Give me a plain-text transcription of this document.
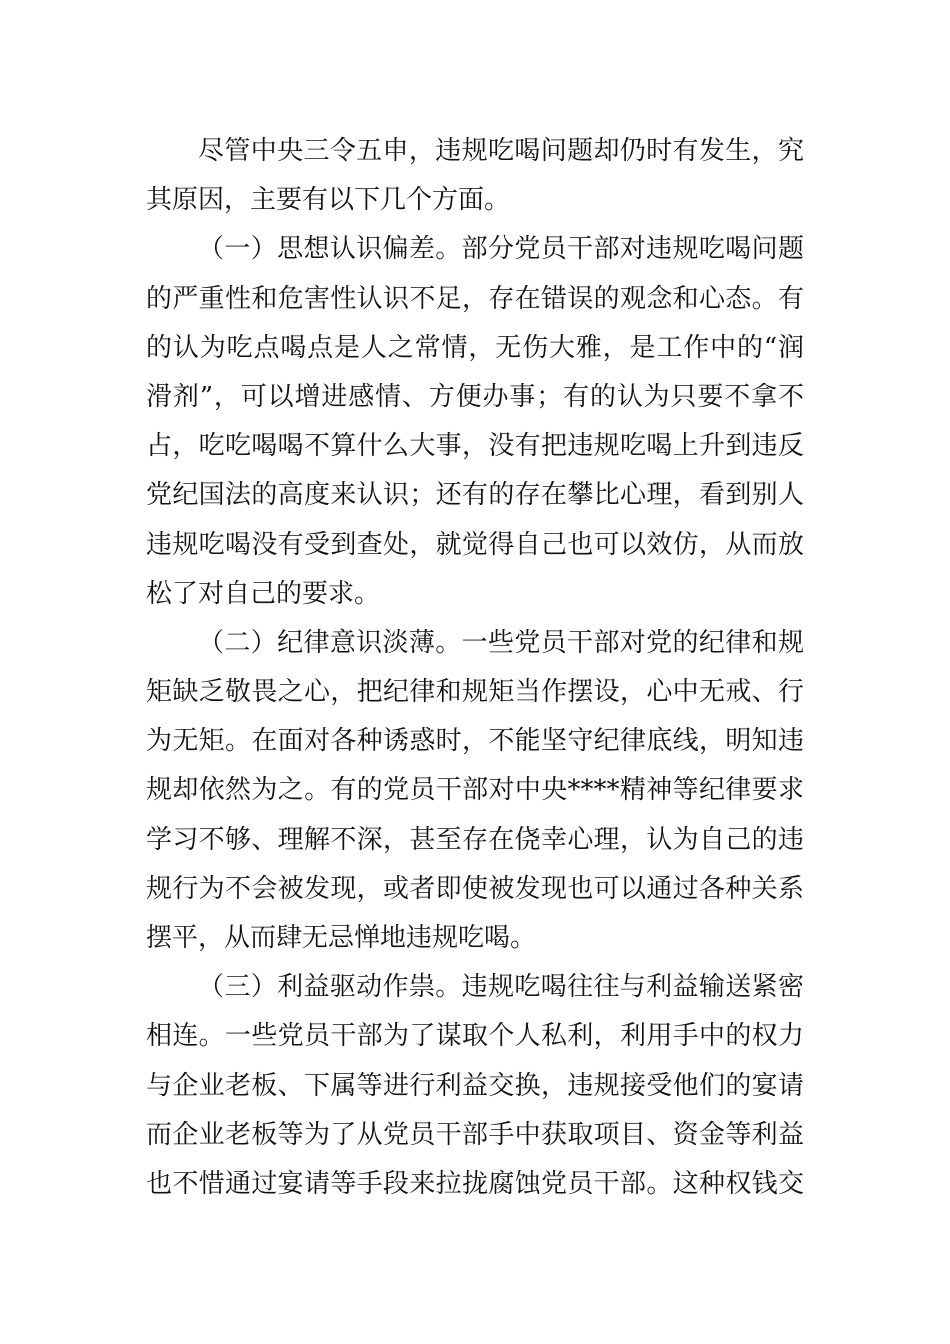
尽管中央三令五申，违规吃喝问题却仍时有发生，究
其原因，主要有以下几个方面。
（一）思想认识偏差。部分党员干部对违规吃喝问题
的严重性和危害性认识不足，存在错误的观念和心态。有
的认为吃点喝点是人之常情，无伤大雅，是工作中的“润
滑剂”，可以增进感情、方便办事；有的认为只要不拿不
占，吃吃喝喝不算什么大事，没有把违规吃喝上升到违反
党纪国法的高度来认识；还有的存在攀比心理，看到别人
违规吃喝没有受到查处，就觉得自己也可以效仿，从而放
松了对自己的要求。
（二）纪律意识淡薄。一些党员干部对党的纪律和规
矩缺乏敬畏之心，把纪律和规矩当作摆设，心中无戒、行
为无矩。在面对各种诱惑时，不能坚守纪律底线，明知违
规却依然为之。有的党员干部对中央****精神等纪律要求
学习不够、理解不深，甚至存在侥幸心理，认为自己的违
规行为不会被发现，或者即使被发现也可以通过各种关系
摆平，从而肆无忌惮地违规吃喝。
（三）利益驱动作祟。违规吃喝往往与利益输送紧密
相连。一些党员干部为了谋取个人私利，利用手中的权力
与企业老板、下属等进行利益交换，违规接受他们的宴请
而企业老板等为了从党员干部手中获取项目、资金等利益
也不惜通过宴请等手段来拉拢腐蚀党员干部。这种权钱交
